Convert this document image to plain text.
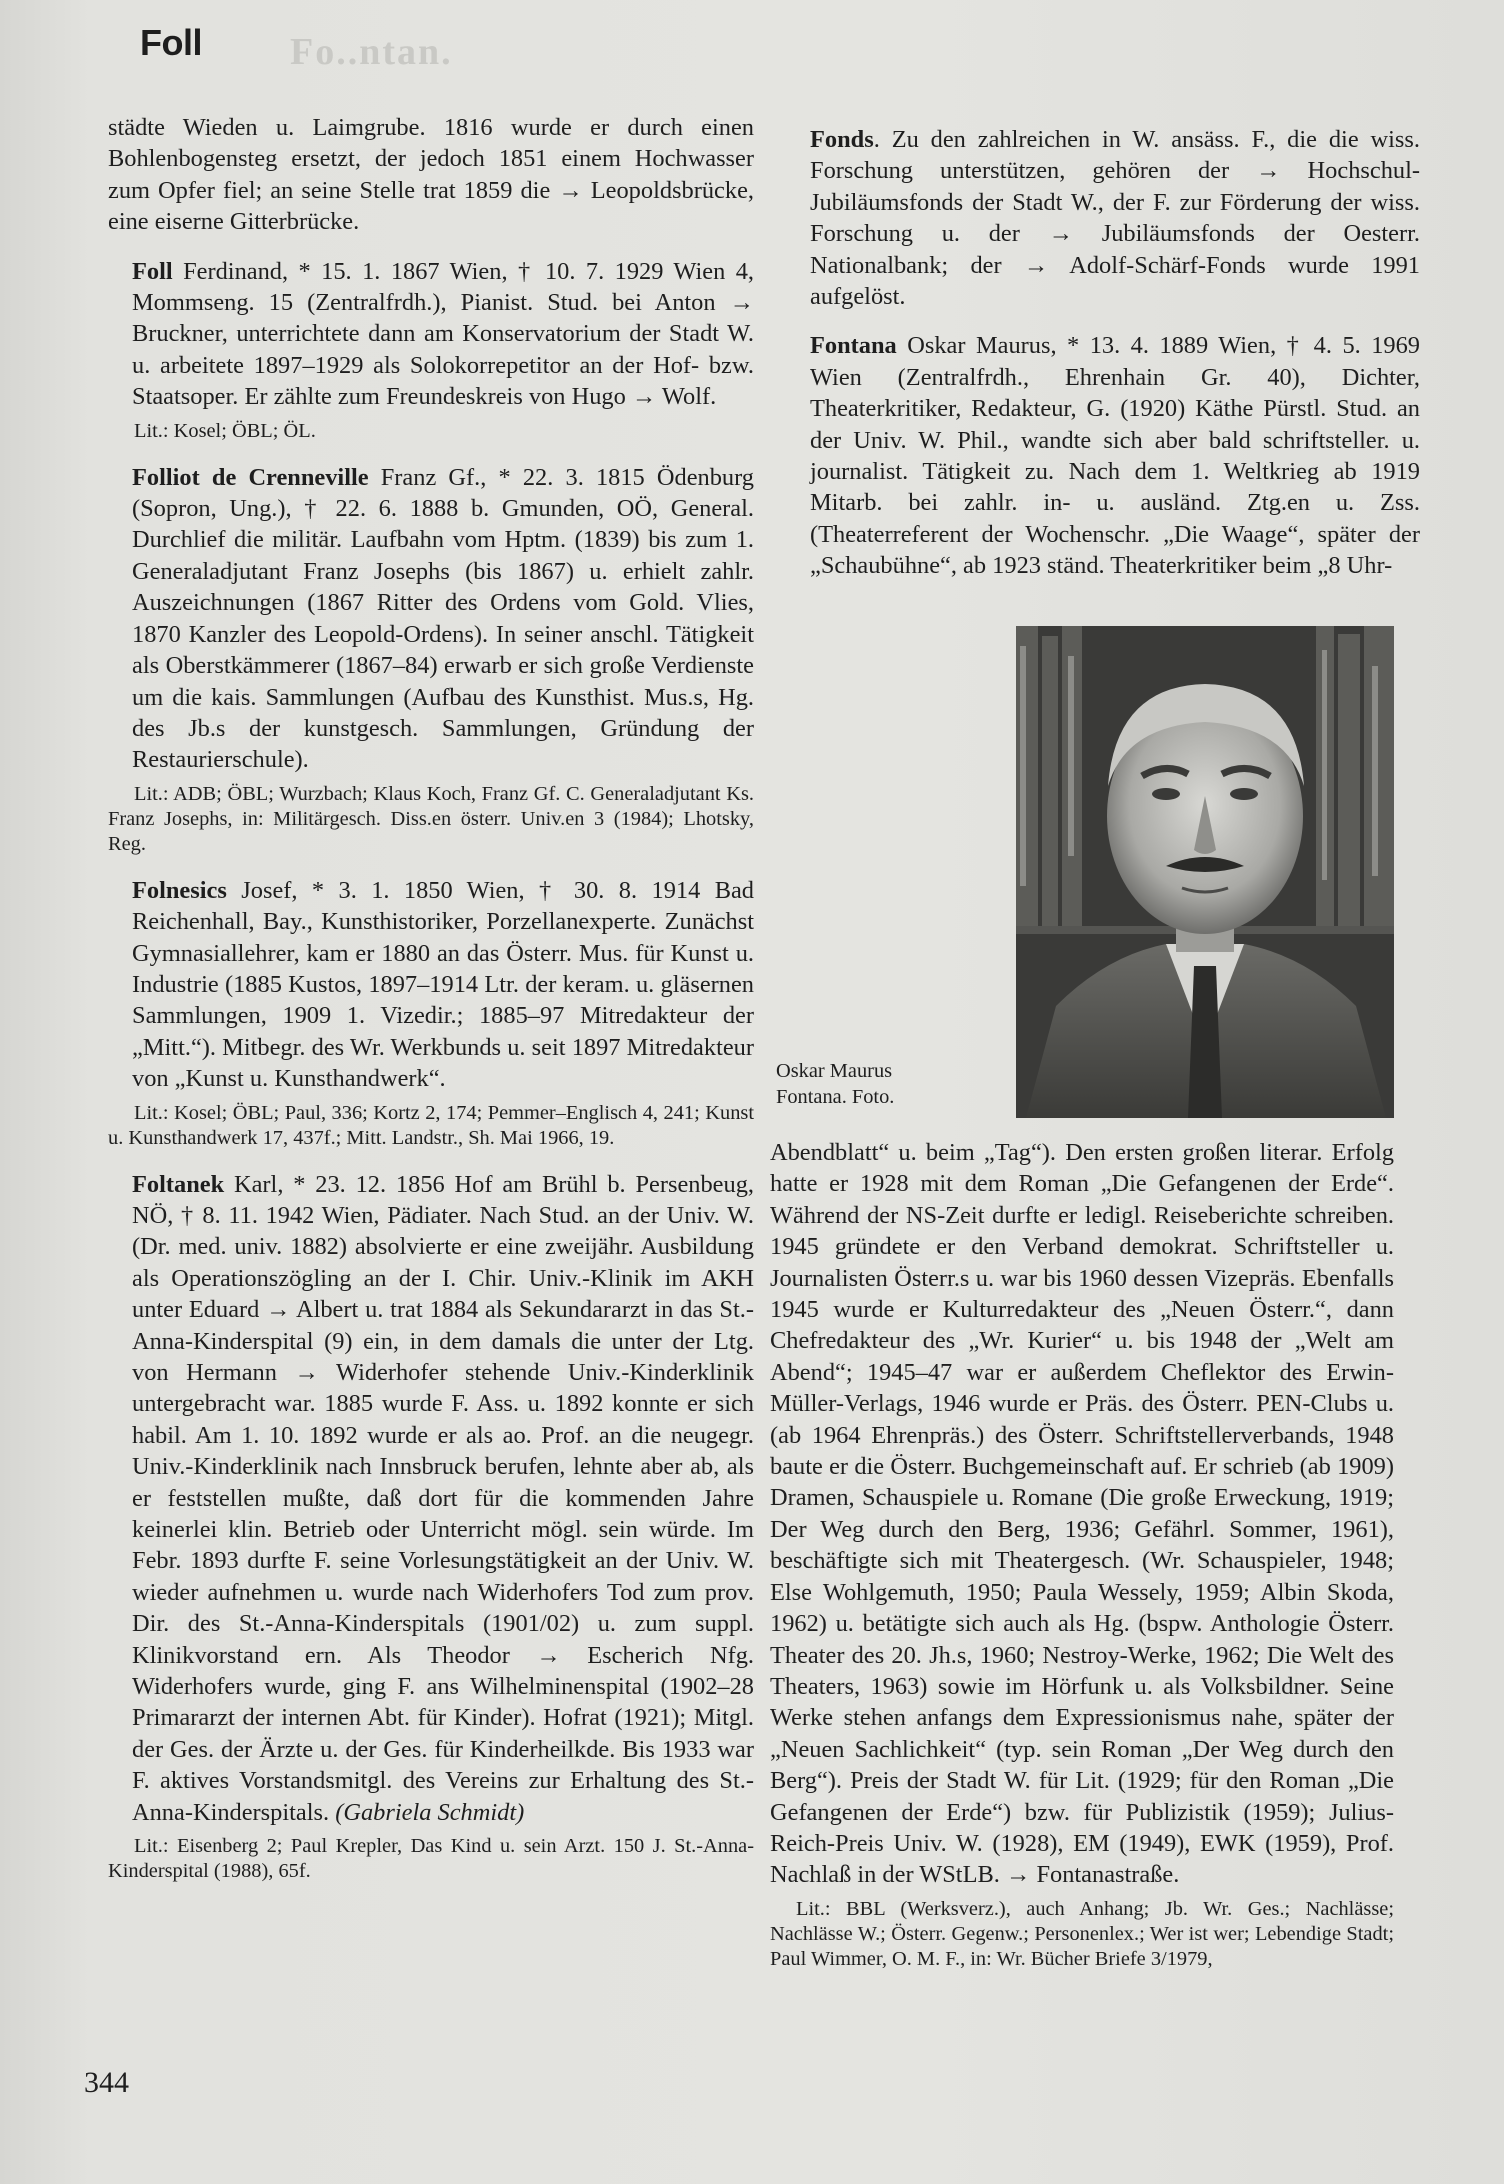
Fo..ntan.
Foll

städte Wieden u. Laimgrube. 1816 wurde er durch einen Bohlenbogensteg ersetzt, der jedoch 1851 einem Hochwasser zum Opfer fiel; an seine Stelle trat 1859 die → Leopoldsbrücke, eine eiserne Gitterbrücke.

Foll Ferdinand, * 15. 1. 1867 Wien, † 10. 7. 1929 Wien 4, Mommseng. 15 (Zentralfrdh.), Pianist. Stud. bei Anton → Bruckner, unterrichtete dann am Konservatorium der Stadt W. u. arbeitete 1897–1929 als Solokorrepetitor an der Hof- bzw. Staatsoper. Er zählte zum Freundeskreis von Hugo → Wolf.

Lit.: Kosel; ÖBL; ÖL.

Folliot de Crenneville Franz Gf., * 22. 3. 1815 Ödenburg (Sopron, Ung.), † 22. 6. 1888 b. Gmunden, OÖ, General. Durchlief die militär. Laufbahn vom Hptm. (1839) bis zum 1. Generaladjutant Franz Josephs (bis 1867) u. erhielt zahlr. Auszeichnungen (1867 Ritter des Ordens vom Gold. Vlies, 1870 Kanzler des Leopold-Ordens). In seiner anschl. Tätigkeit als Oberstkämmerer (1867–84) erwarb er sich große Verdienste um die kais. Sammlungen (Aufbau des Kunsthist. Mus.s, Hg. des Jb.s der kunstgesch. Sammlungen, Gründung der Restaurierschule).

Lit.: ADB; ÖBL; Wurzbach; Klaus Koch, Franz Gf. C. Generaladjutant Ks. Franz Josephs, in: Militärgesch. Diss.en österr. Univ.en 3 (1984); Lhotsky, Reg.

Folnesics Josef, * 3. 1. 1850 Wien, † 30. 8. 1914 Bad Reichenhall, Bay., Kunsthistoriker, Porzellanexperte. Zunächst Gymnasiallehrer, kam er 1880 an das Österr. Mus. für Kunst u. Industrie (1885 Kustos, 1897–1914 Ltr. der keram. u. gläsernen Sammlungen, 1909 1. Vizedir.; 1885–97 Mitredakteur der „Mitt.“). Mitbegr. des Wr. Werkbunds u. seit 1897 Mitredakteur von „Kunst u. Kunsthandwerk“.

Lit.: Kosel; ÖBL; Paul, 336; Kortz 2, 174; Pemmer–Englisch 4, 241; Kunst u. Kunsthandwerk 17, 437f.; Mitt. Landstr., Sh. Mai 1966, 19.

Foltanek Karl, * 23. 12. 1856 Hof am Brühl b. Persenbeug, NÖ, † 8. 11. 1942 Wien, Pädiater. Nach Stud. an der Univ. W. (Dr. med. univ. 1882) absolvierte er eine zweijähr. Ausbildung als Operationszögling an der I. Chir. Univ.-Klinik im AKH unter Eduard → Albert u. trat 1884 als Sekundararzt in das St.-Anna-Kinderspital (9) ein, in dem damals die unter der Ltg. von Hermann → Widerhofer stehende Univ.-Kinderklinik untergebracht war. 1885 wurde F. Ass. u. 1892 konnte er sich habil. Am 1. 10. 1892 wurde er als ao. Prof. an die neugegr. Univ.-Kinderklinik nach Innsbruck berufen, lehnte aber ab, als er feststellen mußte, daß dort für die kommenden Jahre keinerlei klin. Betrieb oder Unterricht mögl. sein würde. Im Febr. 1893 durfte F. seine Vorlesungstätigkeit an der Univ. W. wieder aufnehmen u. wurde nach Widerhofers Tod zum prov. Dir. des St.-Anna-Kinderspitals (1901/02) u. zum suppl. Klinikvorstand ern. Als Theodor → Escherich Nfg. Widerhofers wurde, ging F. ans Wilhelminenspital (1902–28 Primararzt der internen Abt. für Kinder). Hofrat (1921); Mitgl. der Ges. der Ärzte u. der Ges. für Kinderheilkde. Bis 1933 war F. aktives Vorstandsmitgl. des Vereins zur Erhaltung des St.-Anna-Kinderspitals. (Gabriela Schmidt)

Lit.: Eisenberg 2; Paul Krepler, Das Kind u. sein Arzt. 150 J. St.-Anna-Kinderspital (1988), 65f.

Fonds. Zu den zahlreichen in W. ansäss. F., die die wiss. Forschung unterstützen, gehören der → Hochschul-Jubiläumsfonds der Stadt W., der F. zur Förderung der wiss. Forschung u. der → Jubiläumsfonds der Oesterr. Nationalbank; der → Adolf-Schärf-Fonds wurde 1991 aufgelöst.

Fontana Oskar Maurus, * 13. 4. 1889 Wien, † 4. 5. 1969 Wien (Zentralfrdh., Ehrenhain Gr. 40), Dichter, Theaterkritiker, Redakteur, G. (1920) Käthe Pürstl. Stud. an der Univ. W. Phil., wandte sich aber bald schriftsteller. u. journalist. Tätigkeit zu. Nach dem 1. Weltkrieg ab 1919 Mitarb. bei zahlr. in- u. ausländ. Ztg.en u. Zss. (Theaterreferent der Wochenschr. „Die Waage“, später der „Schaubühne“, ab 1923 ständ. Theaterkritiker beim „8 Uhr-

Oskar Maurus Fontana. Foto.

Abendblatt“ u. beim „Tag“). Den ersten großen literar. Erfolg hatte er 1928 mit dem Roman „Die Gefangenen der Erde“. Während der NS-Zeit durfte er ledigl. Reiseberichte schreiben. 1945 gründete er den Verband demokrat. Schriftsteller u. Journalisten Österr.s u. war bis 1960 dessen Vizepräs. Ebenfalls 1945 wurde er Kulturredakteur des „Neuen Österr.“, dann Chefredakteur des „Wr. Kurier“ u. bis 1948 der „Welt am Abend“; 1945–47 war er außerdem Cheflektor des Erwin-Müller-Verlags, 1946 wurde er Präs. des Österr. PEN-Clubs u. (ab 1964 Ehrenpräs.) des Österr. Schriftstellerverbands, 1948 baute er die Österr. Buchgemeinschaft auf. Er schrieb (ab 1909) Dramen, Schauspiele u. Romane (Die große Erweckung, 1919; Der Weg durch den Berg, 1936; Gefährl. Sommer, 1961), beschäftigte sich mit Theatergesch. (Wr. Schauspieler, 1948; Else Wohlgemuth, 1950; Paula Wessely, 1959; Albin Skoda, 1962) u. betätigte sich auch als Hg. (bspw. Anthologie Österr. Theater des 20. Jh.s, 1960; Nestroy-Werke, 1962; Die Welt des Theaters, 1963) sowie im Hörfunk u. als Volksbildner. Seine Werke stehen anfangs dem Expressionismus nahe, später der „Neuen Sachlichkeit“ (typ. sein Roman „Der Weg durch den Berg“). Preis der Stadt W. für Lit. (1929; für den Roman „Die Gefangenen der Erde“) bzw. für Publizistik (1959); Julius-Reich-Preis Univ. W. (1928), EM (1949), EWK (1959), Prof. Nachlaß in der WStLB. → Fontanastraße.

Lit.: BBL (Werksverz.), auch Anhang; Jb. Wr. Ges.; Nachlässe; Nachlässe W.; Österr. Gegenw.; Personenlex.; Wer ist wer; Lebendige Stadt; Paul Wimmer, O. M. F., in: Wr. Bücher Briefe 3/1979,
344
